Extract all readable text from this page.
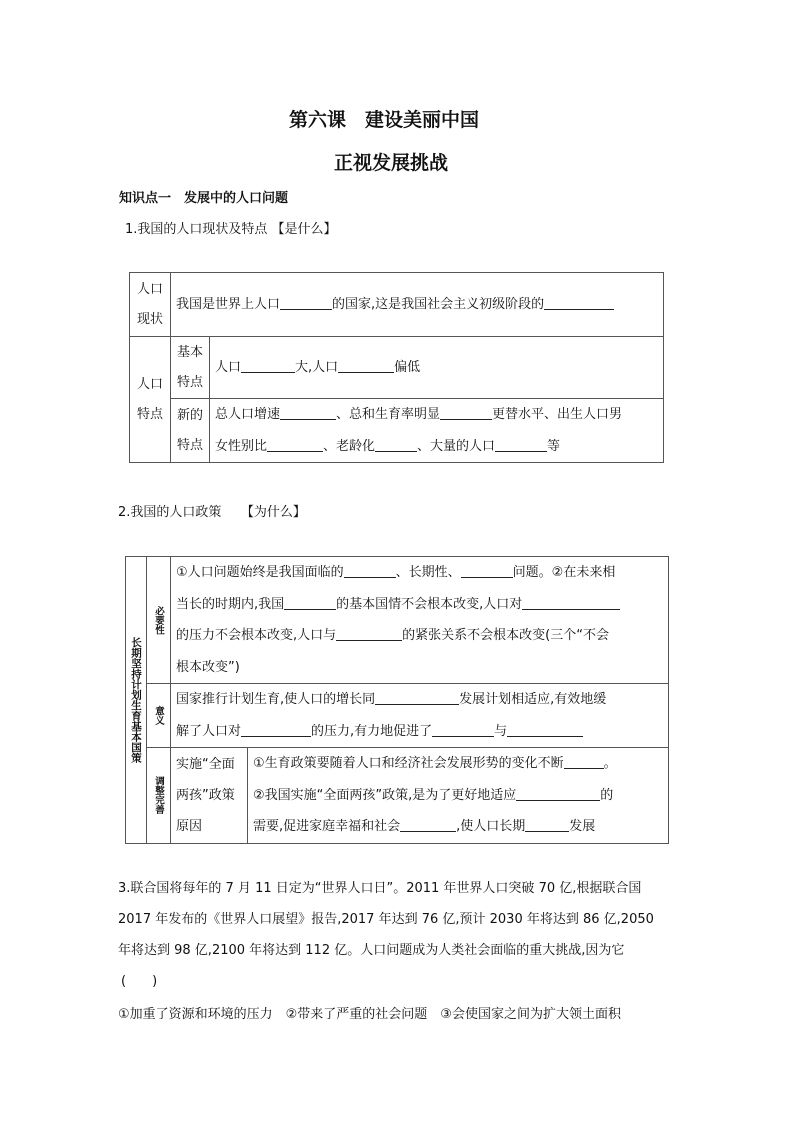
第六课　建设美丽中国
正视发展挑战
知识点一　发展中的人口问题
1.我国的人口现状及特点 【是什么】
人口现状	我国是世界上人口 的国家,这是我国社会主义初级阶段的	

人口特点	基本特点	人口 大,人口 偏低

	新的特点	总人口增速 、总和生育率明显 更替水平、出生人口男
女性别比 、老龄化 、大量的人口 等
2.我国的人口政策　　【为什么】
长期坚持计划生育基本国策	必要性	①人口问题始终是我国面临的 、长期性、 问题。②在未来相
当长的时期内,我国 的基本国情不会根本改变,人口对
的压力不会根本改变,人口与 的紧张关系不会根本改变(三个“不会
根本改变”)	

	意义	国家推行计划生育,使人口的增长同 发展计划相适应,有效地缓
解了人口对 的压力,有力地促进了 与	

	调整完善	实施“全面两孩”政策原因	①生育政策要随着人口和经济社会发展形势的变化不断 。
②我国实施“全面两孩”政策,是为了更好地适应 的
需要,促进家庭幸福和社会 ,使人口长期 发展
3.联合国将每年的 7 月 11 日定为“世界人口日”。2011 年世界人口突破 70 亿,根据联合国
2017 年发布的《世界人口展望》报告,2017 年达到 76 亿,预计 2030 年将达到 86 亿,2050
年将达到 98 亿,2100 年将达到 112 亿。人口问题成为人类社会面临的重大挑战,因为它
(　　)
①加重了资源和环境的压力　②带来了严重的社会问题　③会使国家之间为扩大领土面积
